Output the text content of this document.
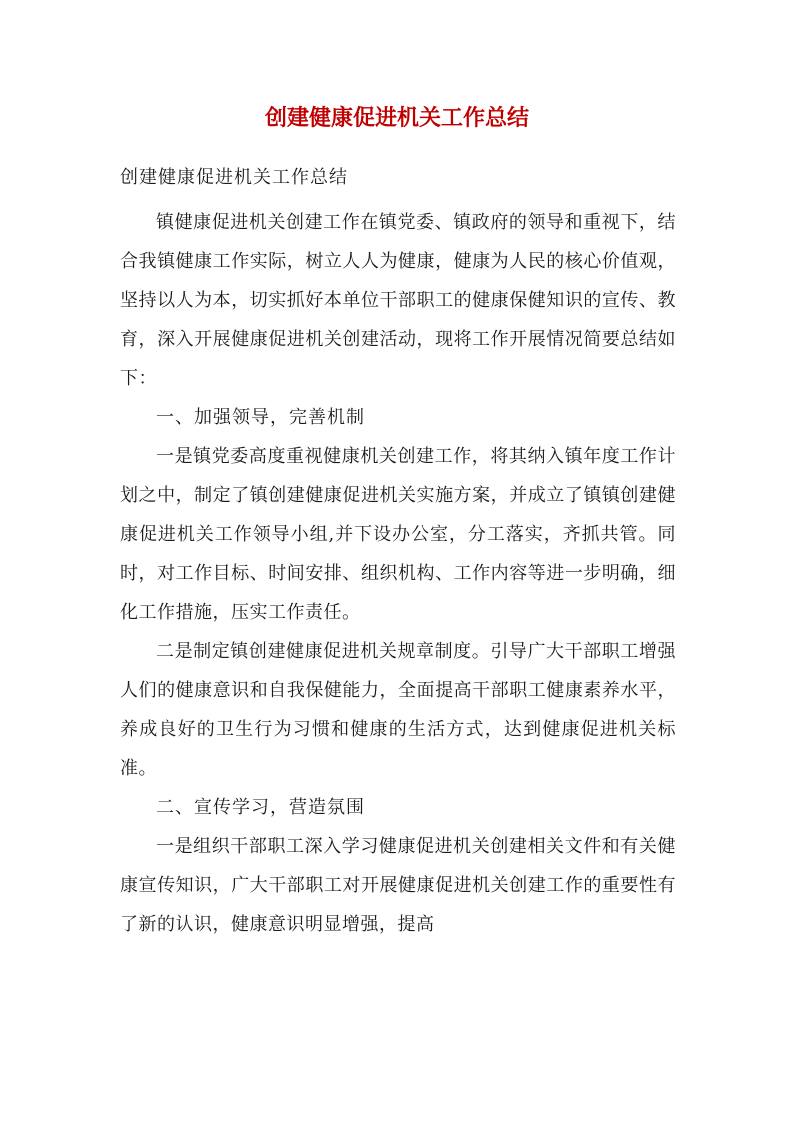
创建健康促进机关工作总结
创建健康促进机关工作总结

镇健康促进机关创建工作在镇党委、镇政府的领导和重视下，结合我镇健康工作实际，树立人人为健康，健康为人民的核心价值观，坚持以人为本，切实抓好本单位干部职工的健康保健知识的宣传、教育，深入开展健康促进机关创建活动，现将工作开展情况简要总结如下：

一、加强领导，完善机制

一是镇党委高度重视健康机关创建工作，将其纳入镇年度工作计划之中，制定了镇创建健康促进机关实施方案，并成立了镇镇创建健康促进机关工作领导小组,并下设办公室，分工落实，齐抓共管。同时，对工作目标、时间安排、组织机构、工作内容等进一步明确，细化工作措施，压实工作责任。

二是制定镇创建健康促进机关规章制度。引导广大干部职工增强人们的健康意识和自我保健能力，全面提高干部职工健康素养水平，养成良好的卫生行为习惯和健康的生活方式，达到健康促进机关标准。

二、宣传学习，营造氛围

一是组织干部职工深入学习健康促进机关创建相关文件和有关健康宣传知识，广大干部职工对开展健康促进机关创建工作的重要性有了新的认识，健康意识明显增强，提高
